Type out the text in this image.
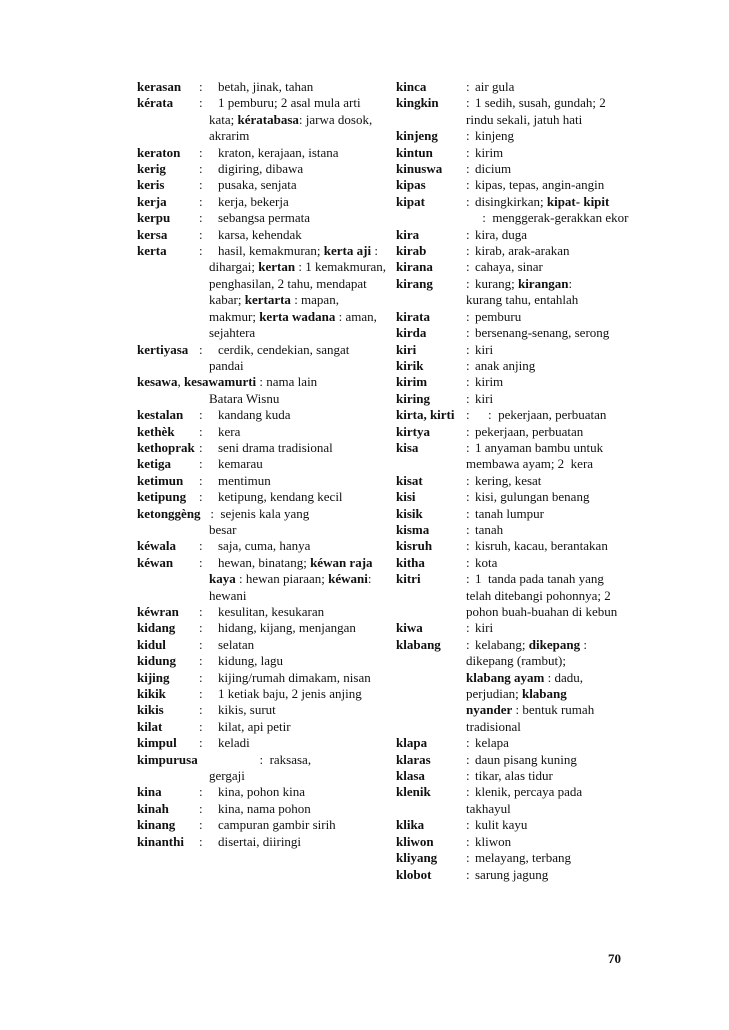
kerasan :	betah, jinak, tahan
kérata :	1 pemburu; 2 asal mula arti kata; kératabasa: jarwa dosok, akrarim
keraton :	kraton, kerajaan, istana
kerig	:	digiring, dibawa
keris	:	pusaka, senjata
kerja :	kerja, bekerja
kerpu :	sebangsa permata
kersa :	karsa, kehendak
kerta :	hasil, kemakmuran; kerta aji : dihargai; kertan : 1 kemakmuran, penghasilan, 2 tahu, mendapat kabar; kertarta : mapan, makmur; kerta wadana : aman, sejahtera
kertiyasa :	cerdik, cendekian, sangat pandai
kesawa, kesawamurti : nama lain
Batara Wisnu
kestalan :	kandang kuda
kethèk :	kera
kethoprak :	seni drama tradisional
ketiga :	kemarau
ketimun :	mentimun
ketipung :	ketipung, kendang kecil
ketonggèng   :  sejenis kala yang
besar
kéwala :	saja, cuma, hanya
kéwan :	hewan, binatang; kéwan raja kaya : hewan piaraan; kéwani: hewani
kéwran :	kesulitan, kesukaran
kidang :	hidang, kijang, menjangan
kidul	:	selatan
kidung :	kidung, lagu
kijing :	kijing/rumah dimakam, nisan
kikik	:	1 ketiak baju, 2 jenis anjing
kikis	:	kikis, surut
kilat	:	kilat, api petir
kimpul :	keladi
kimpurusa                   :  raksasa,
gergaji
kina	:	kina, pohon kina
kinah :	kina, nama pohon
kinang :	campuran gambir sirih
kinanthi :	disertai, diiringi
kinca	: air gula
kingkin : 1 sedih, susah, gundah; 2
rindu sekali, jatuh hati
kinjeng : kinjeng
kintun	: kirim
kinuswa : dicium
kipas	: kipas, tepas, angin-angin
kipat	: disingkirkan; kipat- kipit
:  menggerak-gerakkan ekor
kira	: kira, duga
kirab	: kirab, arak-arakan
kirana	: cahaya, sinar
kirang	: kurang; kirangan:
kurang tahu, entahlah
kirata	: pemburu
kirda	: bersenang-senang, serong
kiri	: kiri
kirik	: anak anjing
kirim	: kirim
kiring	: kiri
kirta, kirti : :  pekerjaan, perbuatan
kirtya	: pekerjaan, perbuatan
kisa	: 1 anyaman bambu untuk
membawa ayam; 2  kera
kisat	: kering, kesat
kisi	: kisi, gulungan benang
kisik	: tanah lumpur
kisma	: tanah
kisruh	: kisruh, kacau, berantakan
kitha	: kota
kitri	: 1  tanda pada tanah yang
telah ditebangi pohonnya; 2  pohon buah-buahan di kebun
kiwa	: kiri
klabang : kelabang; dikepang :
dikepang (rambut);
klabang ayam : dadu,
perjudian; klabang
nyander : bentuk rumah
tradisional
klapa	: kelapa
klaras	: daun pisang kuning
klasa	: tikar, alas tidur
klenik	: klenik, percaya pada
takhayul
klika	: kulit kayu
kliwon : kliwon
kliyang : melayang, terbang
klobot	: sarung jagung
70
